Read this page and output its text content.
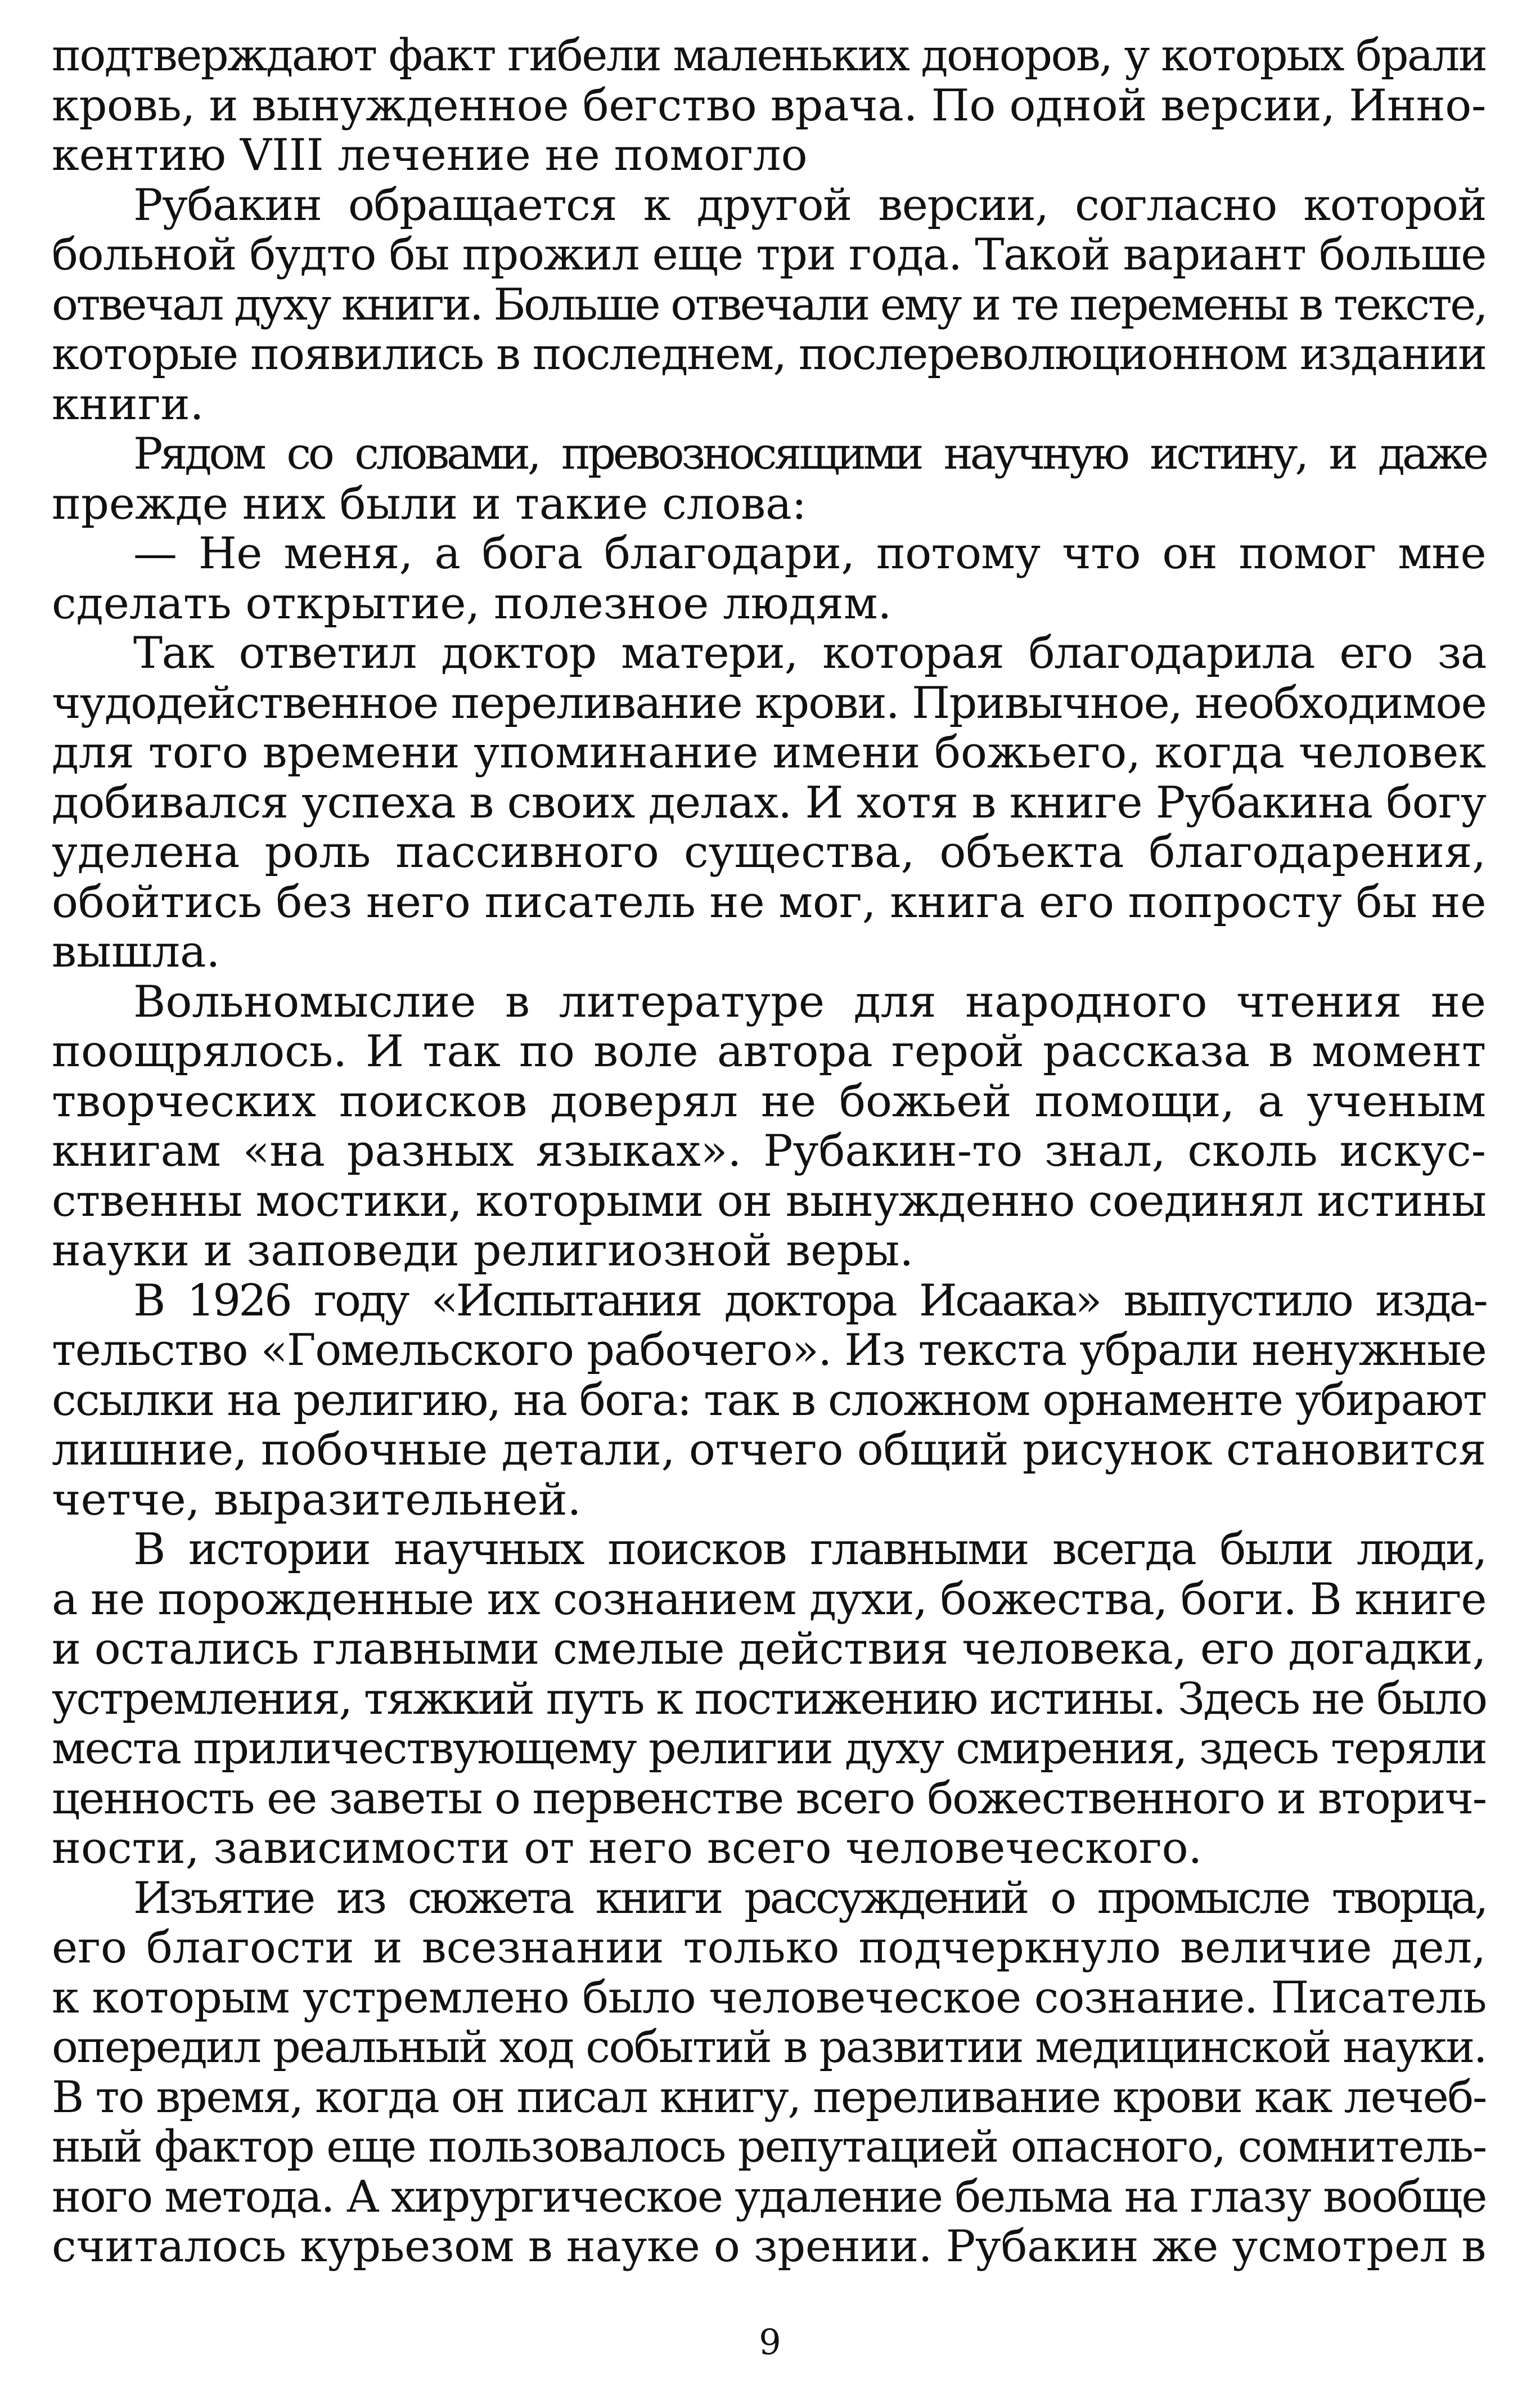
подтверждают факт гибели маленьких доноров, у которых брали
кровь, и вынужденное бегство врача. По одной версии, Инно-
кентию VIII лечение не помогло
Рубакин обращается к другой версии, согласно которой
больной будто бы прожил еще три года. Такой вариант больше
отвечал духу книги. Больше отвечали ему и те перемены в тексте,
которые появились в последнем, послереволюционном издании
книги.
Рядом со словами, превозносящими научную истину, и даже
прежде них были и такие слова:
— Не меня, а бога благодари, потому что он помог мне
сделать открытие, полезное людям.
Так ответил доктор матери, которая благодарила его за
чудодейственное переливание крови. Привычное, необходимое
для того времени упоминание имени божьего, когда человек
добивался успеха в своих делах. И хотя в книге Рубакина богу
уделена роль пассивного существа, объекта благодарения,
обойтись без него писатель не мог, книга его попросту бы не
вышла.
Вольномыслие в литературе для народного чтения не
поощрялось. И так по воле автора герой рассказа в момент
творческих поисков доверял не божьей помощи, а ученым
книгам «на разных языках». Рубакин-то знал, сколь искус-
ственны мостики, которыми он вынужденно соединял истины
науки и заповеди религиозной веры.
В 1926 году «Испытания доктора Исаака» выпустило изда-
тельство «Гомельского рабочего». Из текста убрали ненужные
ссылки на религию, на бога: так в сложном орнаменте убирают
лишние, побочные детали, отчего общий рисунок становится
четче, выразительней.
В истории научных поисков главными всегда были люди,
а не порожденные их сознанием духи, божества, боги. В книге
и остались главными смелые действия человека, его догадки,
устремления, тяжкий путь к постижению истины. Здесь не было
места приличествующему религии духу смирения, здесь теряли
ценность ее заветы о первенстве всего божественного и вторич-
ности, зависимости от него всего человеческого.
Изъятие из сюжета книги рассуждений о промысле творца,
его благости и всезнании только подчеркнуло величие дел,
к которым устремлено было человеческое сознание. Писатель
опередил реальный ход событий в развитии медицинской науки.
В то время, когда он писал книгу, переливание крови как лечеб-
ный фактор еще пользовалось репутацией опасного, сомнитель-
ного метода. А хирургическое удаление бельма на глазу вообще
считалось курьезом в науке о зрении. Рубакин же усмотрел в
9
